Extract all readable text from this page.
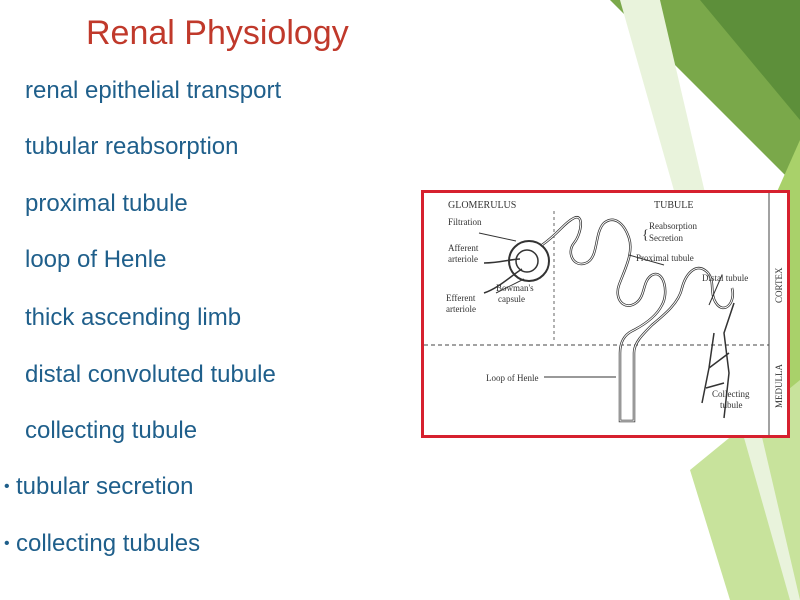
Renal Physiology
renal epithelial transport
tubular reabsorption
proximal tubule
loop of Henle
thick ascending limb
distal convoluted tubule
collecting tubule
• tubular secretion
• collecting tubules
GLOMERULUS
Filtration
TUBULE
Reabsorption
Secretion
{
Afferent
arteriole
Bowman's
capsule
Efferent
arteriole
Proximal tubule
Distal tubule
Loop of Henle
Collecting
tubule
CORTEX
MEDULLA
